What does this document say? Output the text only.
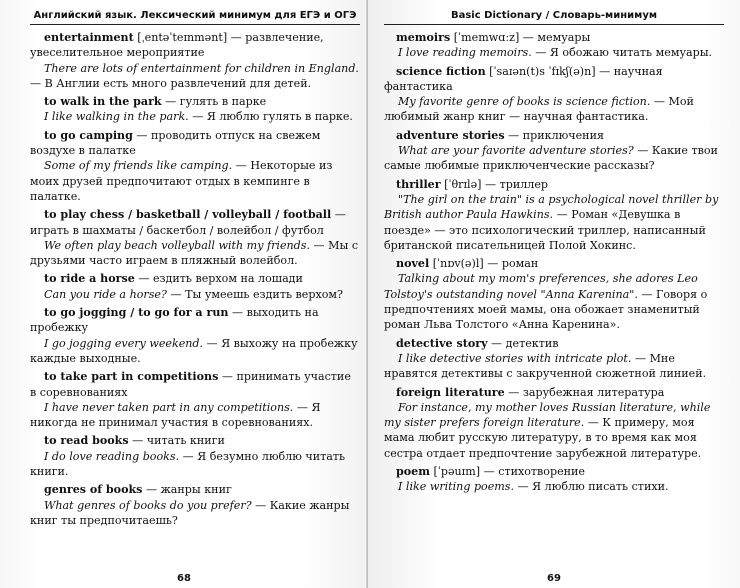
Английский язык. Лексический минимум для ЕГЭ и ОГЭ
entertainment [ˌentəˈteɪnmənt] — развлечение, увеселительное мероприятие
There are lots of entertainment for children in England. — В Англии есть много развлечений для детей.
to walk in the park — гулять в парке
I like walking in the park. — Я люблю гулять в парке.
to go camping — проводить отпуск на свежем воздухе в палатке
Some of my friends like camping. — Некоторые из моих друзей предпочитают отдых в кемпинге в палатке.
to play chess / basketball / volleyball / football — играть в шахматы / баскетбол / волейбол / футбол
We often play beach volleyball with my friends. — Мы с друзьями часто играем в пляжный волейбол.
to ride a horse — ездить верхом на лошади
Can you ride a horse? — Ты умеешь ездить верхом?
to go jogging / to go for a run — выходить на пробежку
I go jogging every weekend. — Я выхожу на пробежку каждые выходные.
to take part in competitions — принимать участие в соревнованиях
I have never taken part in any competitions. — Я никогда не принимал участия в соревнованиях.
to read books — читать книги
I do love reading books. — Я безумно люблю читать книги.
genres of books — жанры книг
What genres of books do you prefer? — Какие жанры книг ты предпочитаешь?
68
Basic Dictionary / Словарь-минимум
memoirs [ˈmemwɑːz] — мемуары
I love reading memoirs. — Я обожаю читать мемуары.
science fiction [ˈsaɪən(t)s ˈfɪkʃ(ə)n] — научная фантастика
My favorite genre of books is science fiction. — Мой любимый жанр книг — научная фантастика.
adventure stories — приключения
What are your favorite adventure stories? — Какие твои самые любимые приключенческие рассказы?
thriller [ˈθrɪlə] — триллер
"The girl on the train" is a psychological novel thriller by British author Paula Hawkins. — Роман «Девушка в поезде» — это психологический триллер, написанный британской писательницей Полой Хокинс.
novel [ˈnɒv(ə)l] — роман
Talking about my mom's preferences, she adores Leo Tolstoy's outstanding novel "Anna Karenina". — Говоря о предпочтениях моей мамы, она обожает знаменитый роман Льва Толстого «Анна Каренина».
detective story — детектив
I like detective stories with intricate plot. — Мне нравятся детективы с закрученной сюжетной линией.
foreign literature — зарубежная литература
For instance, my mother loves Russian literature, while my sister prefers foreign literature. — К примеру, моя мама любит русскую литературу, в то время как моя сестра отдает предпочтение зарубежной литературе.
poem [ˈpəuɪm] — стихотворение
I like writing poems. — Я люблю писать стихи.
69
